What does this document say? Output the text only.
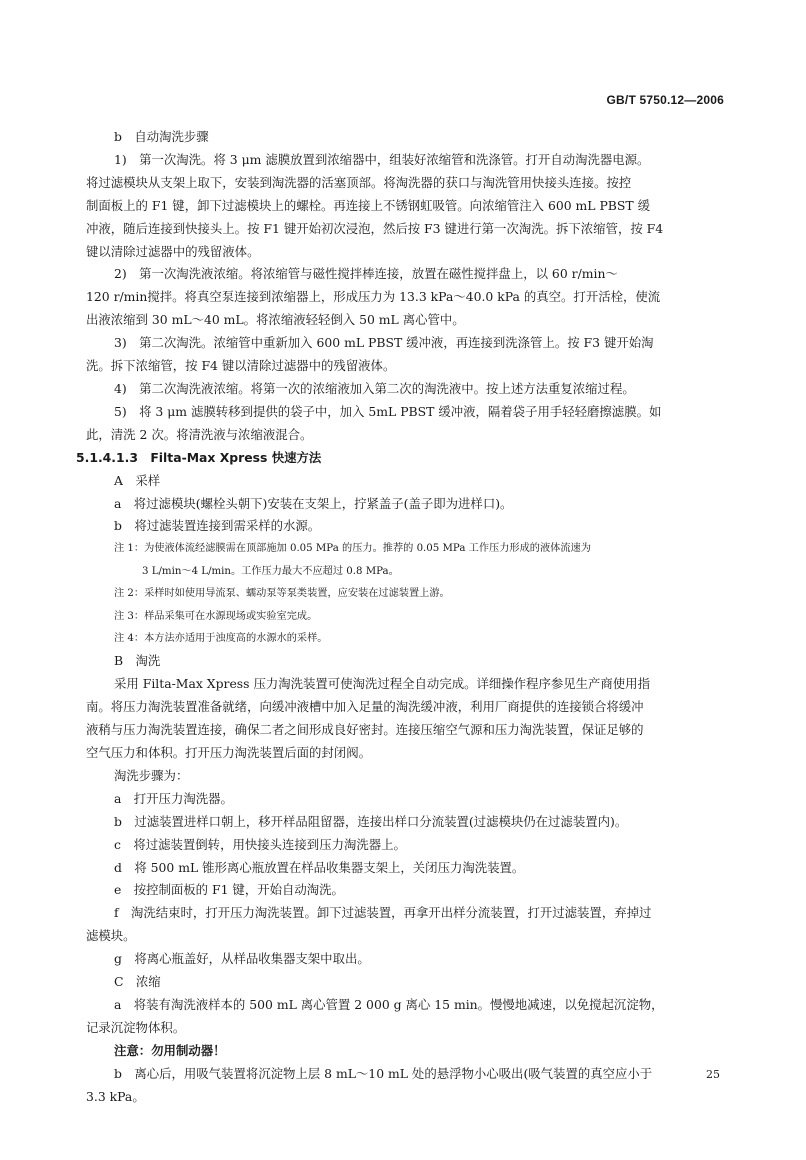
GB/T 5750.12—2006
b　自动淘洗步骤
1)　第一次淘洗。将 3 μm 滤膜放置到浓缩器中，组装好浓缩管和洗涤管。打开自动淘洗器电源。
将过滤模块从支架上取下，安装到淘洗器的活塞顶部。将淘洗器的获口与淘洗管用快接头连接。按控
制面板上的 F1 键，卸下过滤模块上的螺栓。再连接上不锈钢虹吸管。向浓缩管注入 600 mL PBST 缓
冲液，随后连接到快接头上。按 F1 键开始初次浸泡，然后按 F3 键进行第一次淘洗。拆下浓缩管，按 F4
键以清除过滤器中的残留液体。
2)　第一次淘洗液浓缩。将浓缩管与磁性搅拌棒连接，放置在磁性搅拌盘上，以 60 r/min～
120 r/min搅拌。将真空泵连接到浓缩器上，形成压力为 13.3 kPa～40.0 kPa 的真空。打开活栓，使流
出液浓缩到 30 mL～40 mL。将浓缩液轻轻倒入 50 mL 离心管中。
3)　第二次淘洗。浓缩管中重新加入 600 mL PBST 缓冲液，再连接到洗涤管上。按 F3 键开始淘
洗。拆下浓缩管，按 F4 键以清除过滤器中的残留液体。
4)　第二次淘洗液浓缩。将第一次的浓缩液加入第二次的淘洗液中。按上述方法重复浓缩过程。
5)　将 3 μm 滤膜转移到提供的袋子中，加入 5mL PBST 缓冲液，隔着袋子用手轻轻磨擦滤膜。如
此，清洗 2 次。将清洗液与浓缩液混合。
5.1.4.1.3　Filta-Max Xpress 快速方法
A　采样
a　将过滤模块(螺栓头朝下)安装在支架上，拧紧盖子(盖子即为进样口)。
b　将过滤装置连接到需采样的水源。
注 1：为使液体流经滤膜需在顶部施加 0.05 MPa 的压力。推荐的 0.05 MPa 工作压力形成的液体流速为
3 L/min～4 L/min。工作压力最大不应超过 0.8 MPa。
注 2：采样时如使用导流泵、蠕动泵等泵类装置，应安装在过滤装置上游。
注 3：样品采集可在水源现场或实验室完成。
注 4：本方法亦适用于浊度高的水源水的采样。
B　淘洗
采用 Filta-Max Xpress 压力淘洗装置可使淘洗过程全自动完成。详细操作程序参见生产商使用指
南。将压力淘洗装置准备就绪，向缓冲液槽中加入足量的淘洗缓冲液，利用厂商提供的连接锁合将缓冲
液稍与压力淘洗装置连接，确保二者之间形成良好密封。连接压缩空气源和压力淘洗装置，保证足够的
空气压力和体积。打开压力淘洗装置后面的封闭阀。
淘洗步骤为：
a　打开压力淘洗器。
b　过滤装置进样口朝上，移开样品阻留器，连接出样口分流装置(过滤模块仍在过滤装置内)。
c　将过滤装置倒转，用快接头连接到压力淘洗器上。
d　将 500 mL 锥形离心瓶放置在样品收集器支架上，关闭压力淘洗装置。
e　按控制面板的 F1 键，开始自动淘洗。
f　淘洗结束时，打开压力淘洗装置。卸下过滤装置，再拿开出样分流装置，打开过滤装置，弃掉过
滤模块。
g　将离心瓶盖好，从样品收集器支架中取出。
C　浓缩
a　将装有淘洗液样本的 500 mL 离心管置 2 000 g 离心 15 min。慢慢地减速，以免搅起沉淀物，
记录沉淀物体积。
注意：勿用制动器！
b　离心后，用吸气装置将沉淀物上层 8 mL～10 mL 处的悬浮物小心吸出(吸气装置的真空应小于
3.3 kPa。
25
